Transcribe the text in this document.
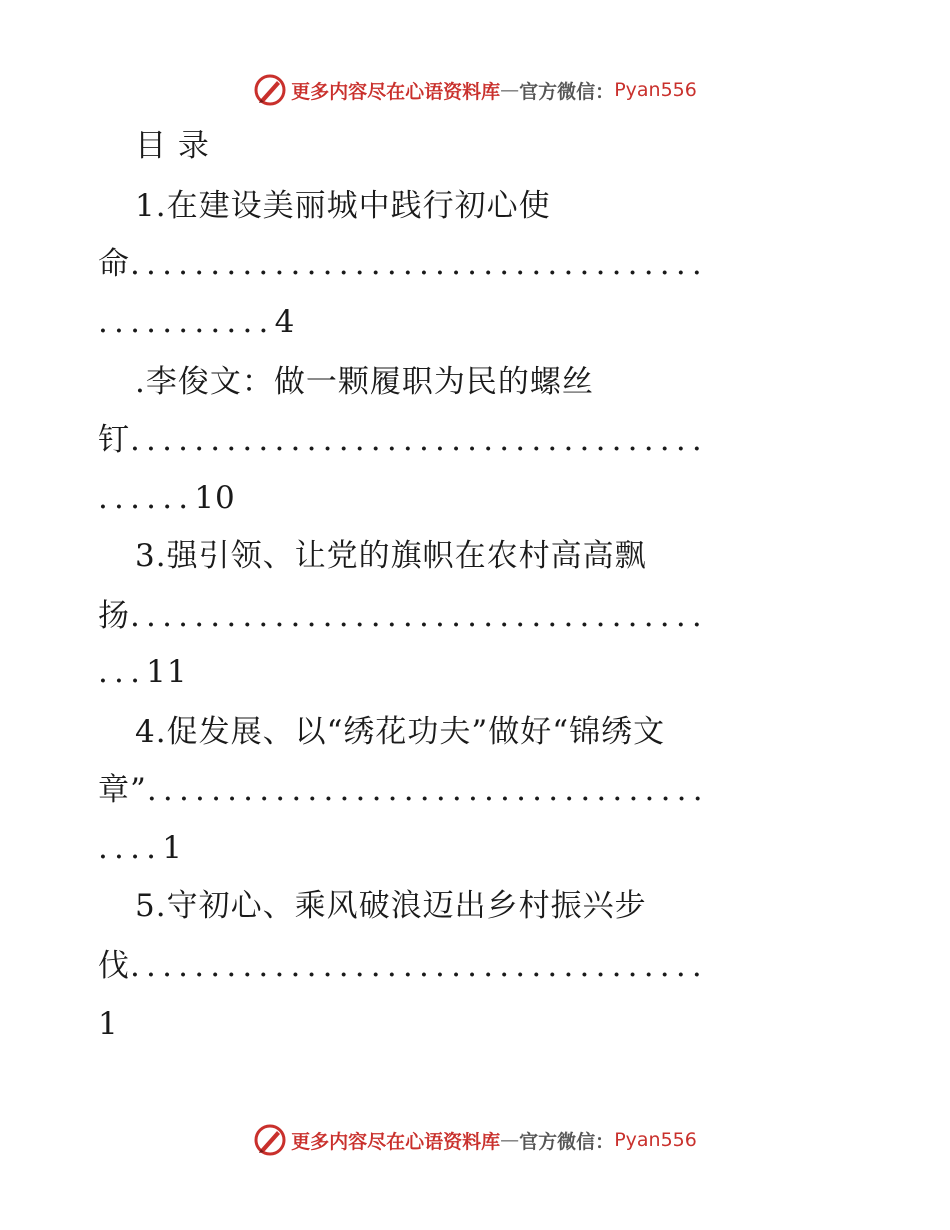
更多内容尽在心语资料库 — 官方微信： Pyan556
目 录
1.在建设美丽城中践行初心使
命....................................
...........4
.李俊文：做一颗履职为民的螺丝
钉....................................
......10
3.强引领、让党的旗帜在农村高高飘
扬....................................
...11
4.促发展、以“绣花功夫”做好“锦绣文
章”...................................
....1
5.守初心、乘风破浪迈出乡村振兴步
伐....................................
1
更多内容尽在心语资料库 — 官方微信： Pyan556
